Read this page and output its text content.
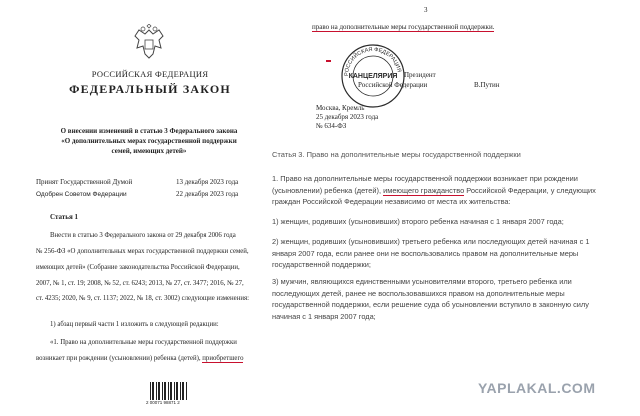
РОССИЙСКАЯ ФЕДЕРАЦИЯ
ФЕДЕРАЛЬНЫЙ ЗАКОН
О внесении изменений в статью 3 Федерального закона
«О дополнительных мерах государственной поддержки
семей, имеющих детей»
Принят Государственной Думой	13 декабря 2023 года
Одобрен Советом Федерации	22 декабря 2023 года
Статья 1
Внести в статью 3 Федерального закона от 29 декабря 2006 года
№ 256-ФЗ «О дополнительных мерах государственной поддержки семей,
имеющих детей» (Собрание законодательства Российской Федерации,
2007, № 1, ст. 19; 2008, № 52, ст. 6243; 2013, № 27, ст. 3477; 2016, № 27,
ст. 4235; 2020, № 9, ст. 1137; 2022, № 18, ст. 3002) следующие изменения:
1) абзац первый части 1 изложить в следующей редакции:
«1. Право на дополнительные меры государственной поддержки
возникает при рождении (усыновлении) ребенка (детей), приобретшего
2 00071 98871 2
3
право на дополнительные меры государственной поддержки.
РОССИЙСКАЯ ФЕДЕРАЦИЯ
КАНЦЕЛЯРИЯ Президент
Российской Федерации	В.Путин
Москва, Кремль
25 декабря 2023 года
№ 634-ФЗ
Статья 3. Право на дополнительные меры государственной поддержки
1. Право на дополнительные меры государственной поддержки возникает при рождении
(усыновлении) ребенка (детей), имеющего гражданство Российской Федерации, у следующих
граждан Российской Федерации независимо от места их жительства:
1) женщин, родивших (усыновивших) второго ребенка начиная с 1 января 2007 года;
2) женщин, родивших (усыновивших) третьего ребенка или последующих детей начиная с 1
января 2007 года, если ранее они не воспользовались правом на дополнительные меры
государственной поддержки;
3) мужчин, являющихся единственными усыновителями второго, третьего ребенка или
последующих детей, ранее не воспользовавшихся правом на дополнительные меры
государственной поддержки, если решение суда об усыновлении вступило в законную силу
начиная с 1 января 2007 года;
YAPLAKAL.COM
